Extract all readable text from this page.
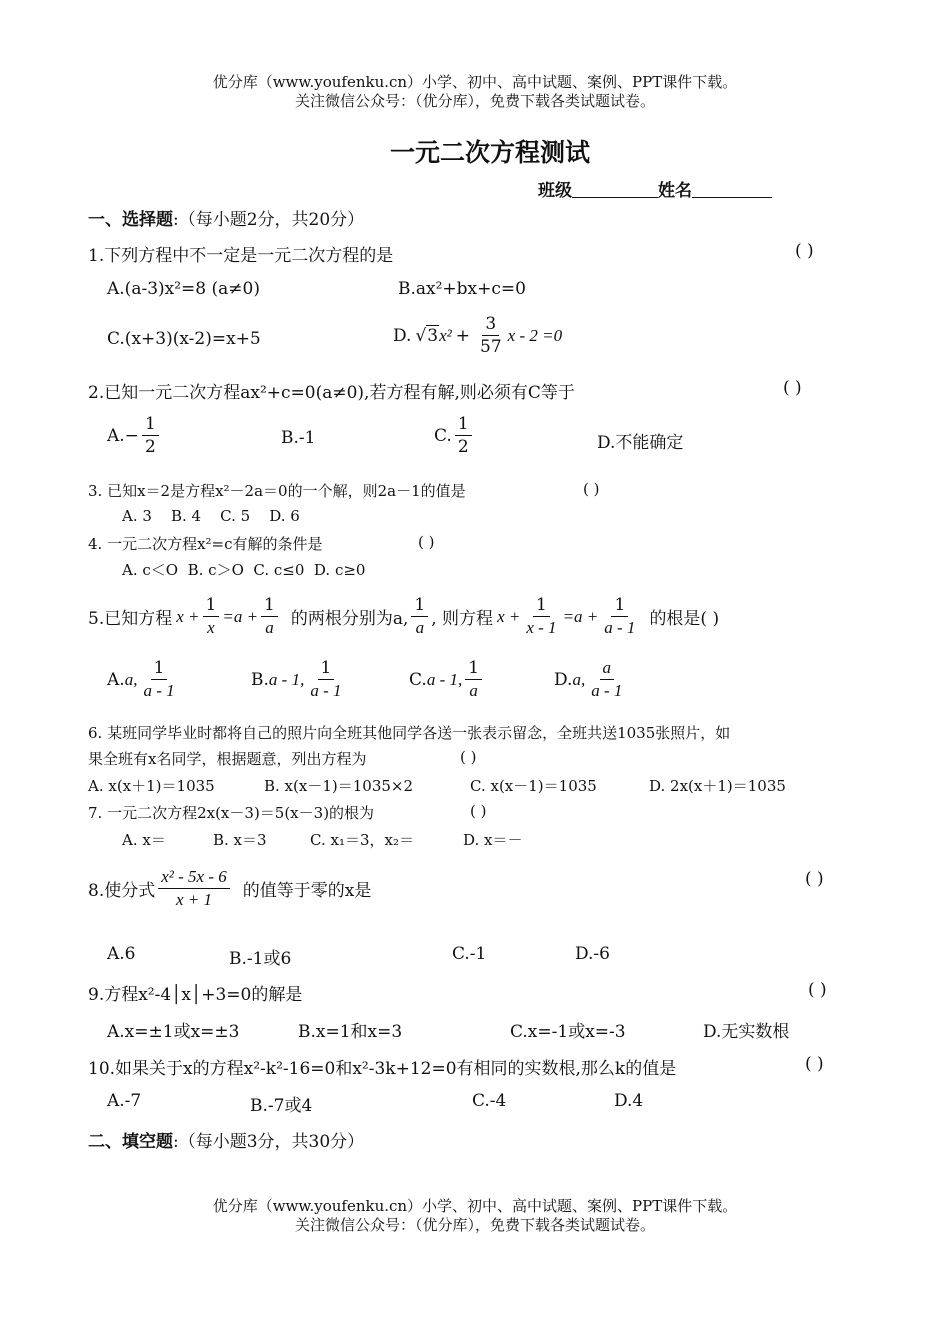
优分库（www.youfenku.cn）小学、初中、高中试题、案例、PPT课件下载。
关注微信公众号：（优分库），免费下载各类试题试卷。
一元二次方程测试
班级	姓名
一、选择题:（每小题2分，共20分）
1.下列方程中不一定是一元二次方程的是	( )
A.(a-3)x²=8 (a≠0)	B.ax²+bx+c=0
C.(x+3)(x-2)=x+5	D. √3 $x^2 + \frac{3}{57}$ x - 2 =0
2.已知一元二次方程ax²+c=0(a≠0),若方程有解,则必须有C等于	( )
$A.- \frac{1}{2}$	B.-1	C. $\frac{1}{2}$	D.不能确定
3. 已知x＝2是方程x²－2a＝0的一个解，则2a－1的值是	( )
A. 3    B. 4    C. 5    D. 6
4. 一元二次方程x²=c有解的条件是	( )
A. c＜O  B. c＞O  C. c≤0  D. c≥0
5.已知方程 $x + \frac{1}{x} =a + \frac{1}{a}$ 的两根分别为a, $\frac{1}{a}$ , 则方程 $x + \frac{1}{x - 1} =a + \frac{1}{a - 1}$ 的根是( )
A. a, $\frac{1}{a - 1}$	B. a - 1, $\frac{1}{a - 1}$	C. a - 1, $\frac{1}{a}$	D. a, $\frac{a}{a - 1}$
6. 某班同学毕业时都将自己的照片向全班其他同学各送一张表示留念，全班共送1035张照片，如
果全班有x名同学，根据题意，列出方程为	( )
A. x(x＋1)＝1035	B. x(x－1)＝1035×2	C. x(x－1)＝1035	D. 2x(x＋1)＝1035
7. 一元二次方程2x(x－3)＝5(x－3)的根为	( )
A. x＝	B. x＝3	C. x₁＝3，x₂＝	D. x＝－
8.使分式 $\frac{\text{x² - 5x - 6}}{x + 1}$ 的值等于零的x是
( )
A.6	B.-1或6	C.-1	D.-6
9.方程x²-4│x│+3=0的解是	( )
A.x=±1或x=±3	B.x=1和x=3	C.x=-1或x=-3	D.无实数根
10.如果关于x的方程x²-k²-16=0和x²-3k+12=0有相同的实数根,那么k的值是	( )
A.-7	B.-7或4	C.-4	D.4
二、填空题:（每小题3分，共30分）
优分库（www.youfenku.cn）小学、初中、高中试题、案例、PPT课件下载。
关注微信公众号：（优分库），免费下载各类试题试卷。
